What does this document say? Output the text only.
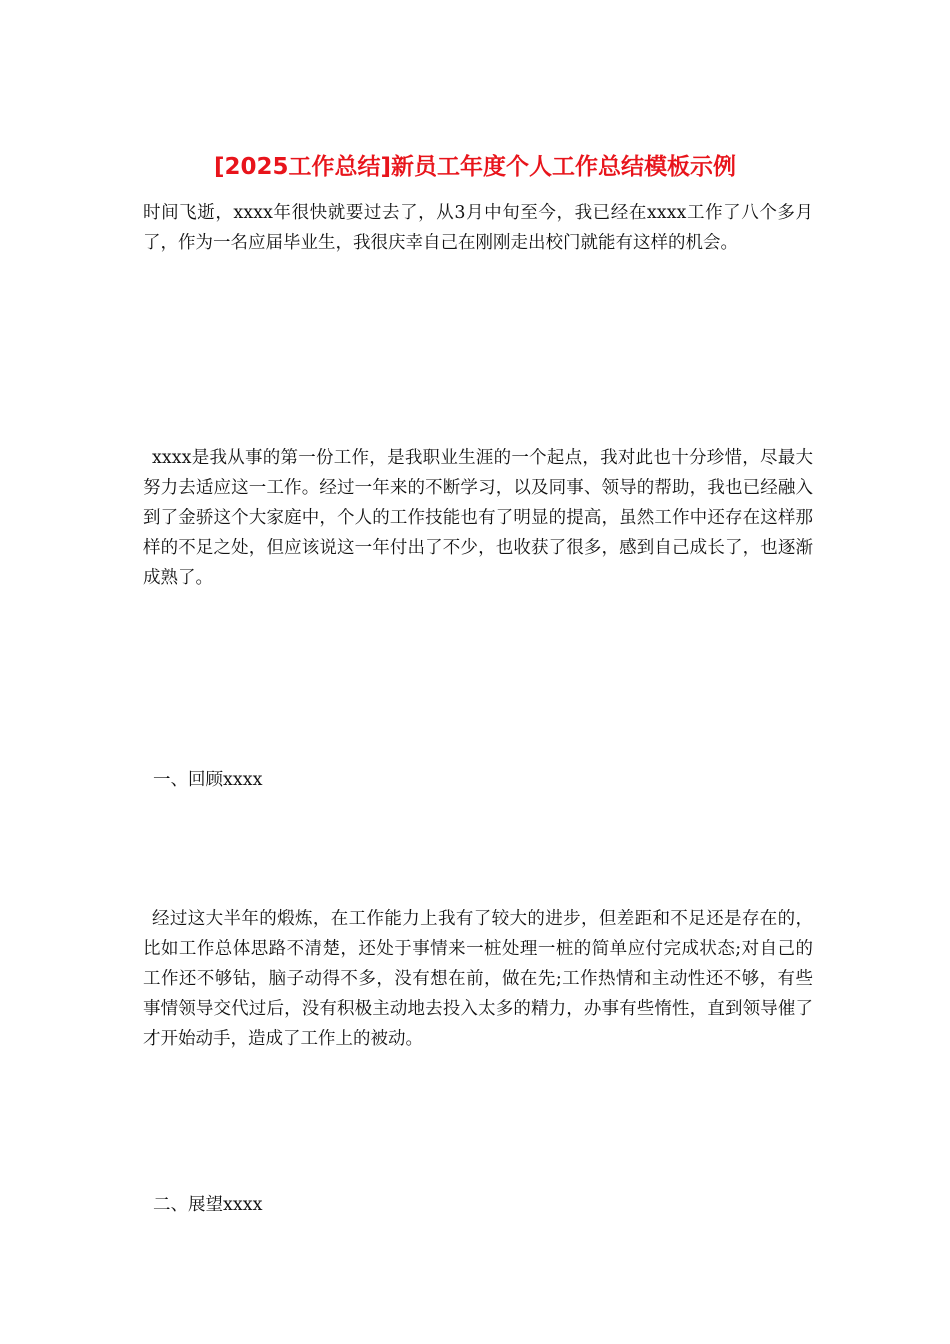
[2025工作总结]新员工年度个人工作总结模板示例

时间飞逝，xxxx年很快就要过去了，从3月中旬至今，我已经在xxxx工作了八个多月了，作为一名应届毕业生，我很庆幸自己在刚刚走出校门就能有这样的机会。

xxxx是我从事的第一份工作，是我职业生涯的一个起点，我对此也十分珍惜，尽最大努力去适应这一工作。经过一年来的不断学习，以及同事、领导的帮助，我也已经融入到了金骄这个大家庭中，个人的工作技能也有了明显的提高，虽然工作中还存在这样那样的不足之处，但应该说这一年付出了不少，也收获了很多，感到自己成长了，也逐渐成熟了。

一、回顾xxxx

经过这大半年的煅炼，在工作能力上我有了较大的进步，但差距和不足还是存在的，比如工作总体思路不清楚，还处于事情来一桩处理一桩的简单应付完成状态;对自己的工作还不够钻，脑子动得不多，没有想在前，做在先;工作热情和主动性还不够，有些事情领导交代过后，没有积极主动地去投入太多的精力，办事有些惰性，直到领导催了才开始动手，造成了工作上的被动。

二、展望xxxx
